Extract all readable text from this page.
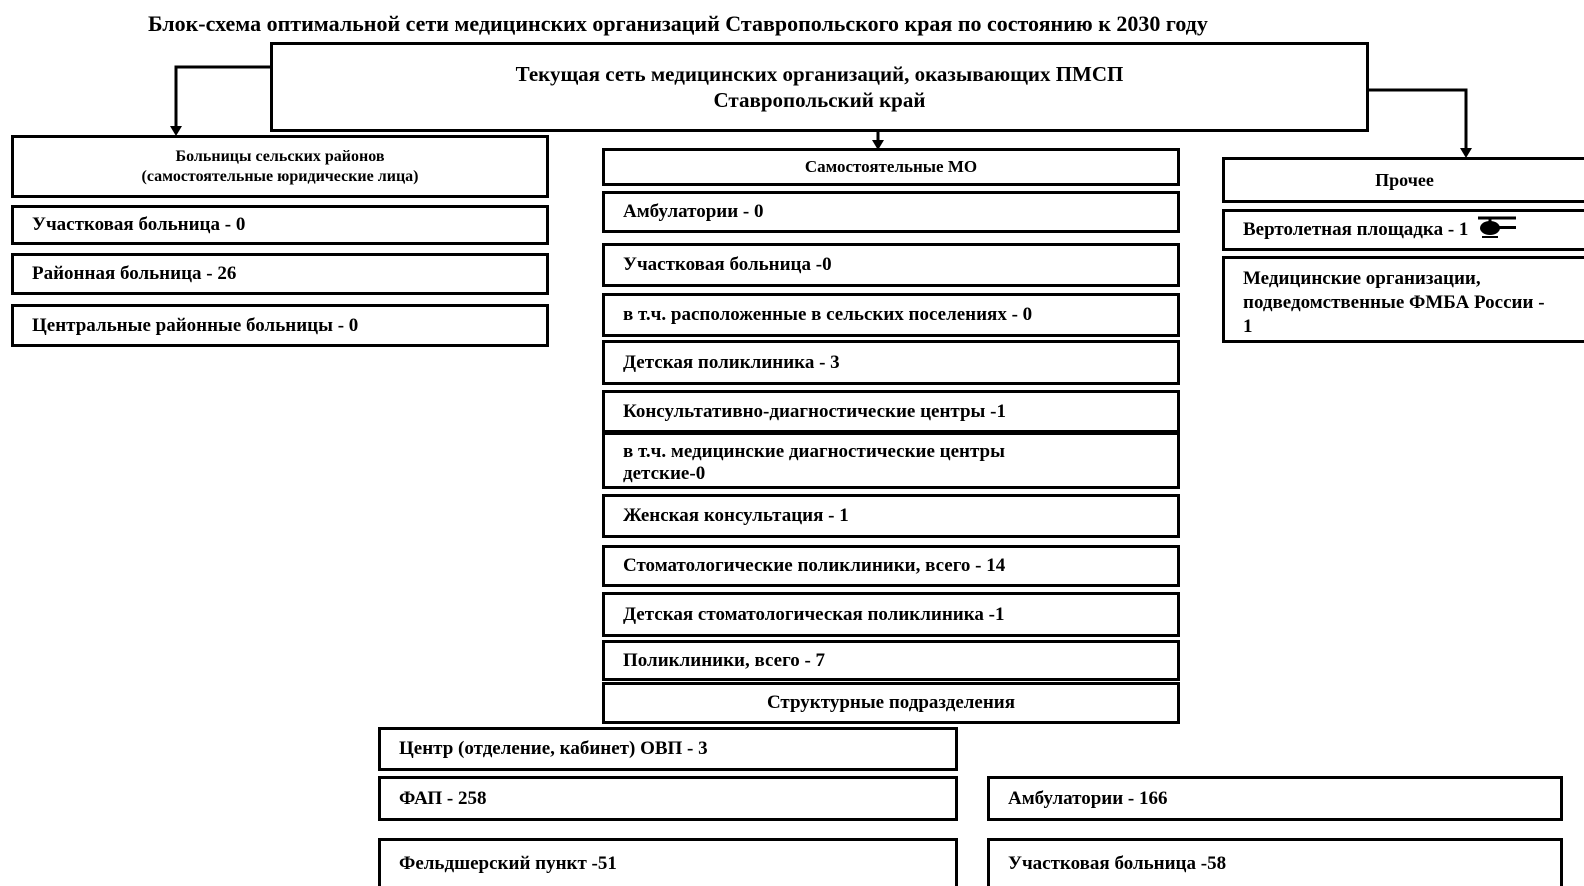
Блок-схема оптимальной сети медицинских организаций Ставропольского края по состоянию к 2030 году
Текущая сеть медицинских организаций, оказывающих ПМСП
Ставропольский край
Больницы сельских районов
(самостоятельные юридические лица)
Участковая больница - 0
Районная больница - 26
Центральные районные больницы - 0
Самостоятельные МО
Амбулатории - 0
Участковая больница -0
в т.ч. расположенные в сельских поселениях - 0
Детская поликлиника - 3
Консультативно-диагностические центры -1
в т.ч. медицинские диагностические центры детские-0
Женская консультация - 1
Стоматологические поликлиники, всего - 14
Детская стоматологическая поликлиника -1
Поликлиники, всего - 7
Структурные подразделения
Прочее
Вертолетная площадка - 1
Медицинские организации, подведомственные ФМБА России - 1
Центр (отделение, кабинет) ОВП - 3
ФАП - 258
Фельдшерский пункт -51
Амбулатории - 166
Участковая больница -58
